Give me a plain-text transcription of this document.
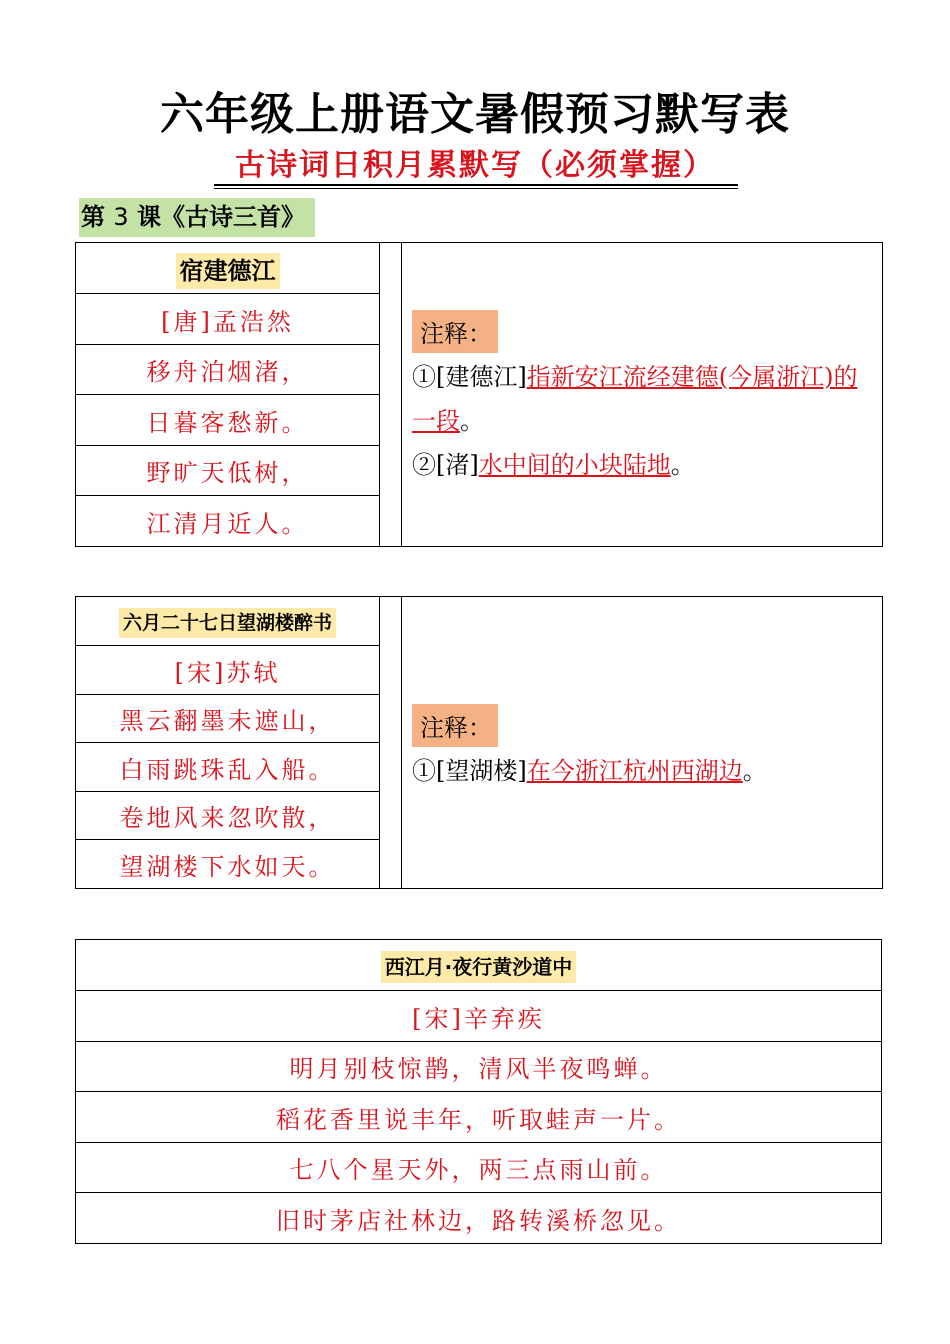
六年级上册语文暑假预习默写表
古诗词日积月累默写（必须掌握）
第 3 课《古诗三首》
宿建德江		
注释：
①[建德江]指新安江流经建德(今属浙江)的一段。
②[渚]水中间的小块陆地。

[唐]孟浩然
移舟泊烟渚，
日暮客愁新。
野旷天低树，
江清月近人。
六月二十七日望湖楼醉书		
注释：
①[望湖楼]在今浙江杭州西湖边。

[宋]苏轼
黑云翻墨未遮山，
白雨跳珠乱入船。
卷地风来忽吹散，
望湖楼下水如天。
西江月·夜行黄沙道中
[宋]辛弃疾
明月别枝惊鹊，清风半夜鸣蝉。
稻花香里说丰年，听取蛙声一片。
七八个星天外，两三点雨山前。
旧时茅店社林边，路转溪桥忽见。
